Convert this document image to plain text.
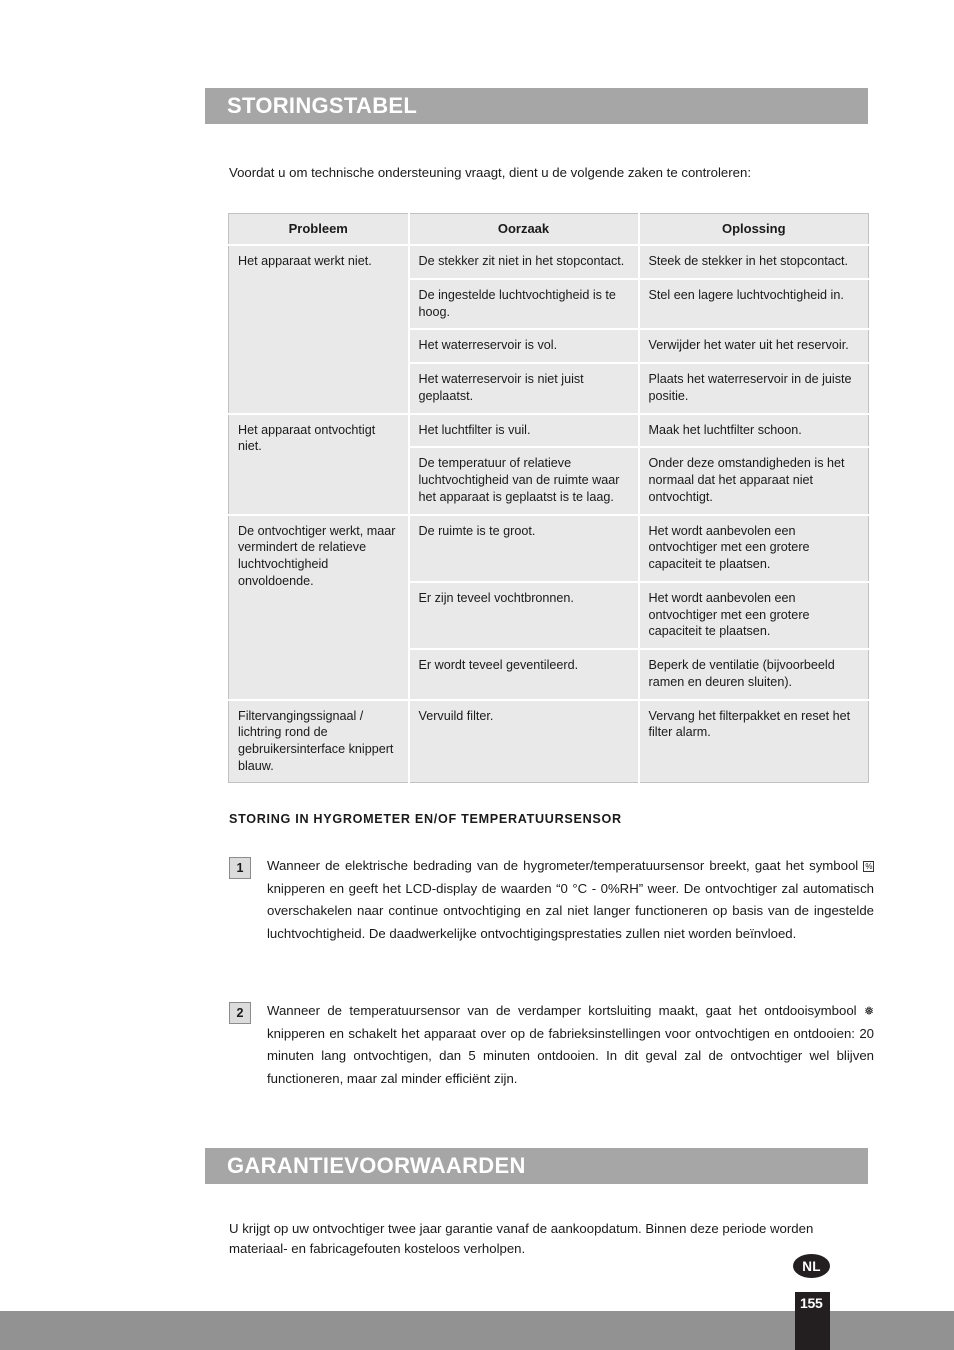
STORINGSTABEL
Voordat u om technische ondersteuning vraagt, dient u de volgende zaken te controleren:
Probleem	Oorzaak	Oplossing
Het apparaat werkt niet.	De stekker zit niet in het stopcontact.	Steek de stekker in het stopcontact.
	De ingestelde luchtvochtigheid is te hoog.	Stel een lagere luchtvochtigheid in.
	Het waterreservoir is vol.	Verwijder het water uit het reservoir.
	Het waterreservoir is niet juist geplaatst.	Plaats het waterreservoir in de juiste positie.
Het apparaat ontvochtigt niet.	Het luchtfilter is vuil.	Maak het luchtfilter schoon.
	De temperatuur of relatieve luchtvochtigheid van de ruimte waar het apparaat is geplaatst is te laag.	Onder deze omstandigheden is het normaal dat het apparaat niet ontvochtigt.
De ontvochtiger werkt, maar vermindert de relatieve luchtvochtigheid onvoldoende.	De ruimte is te groot.	Het wordt aanbevolen een ontvochtiger met een grotere capaciteit te plaatsen.
	Er zijn teveel vochtbronnen.	Het wordt aanbevolen een ontvochtiger met een grotere capaciteit te plaatsen.
	Er wordt teveel geventileerd.	Beperk de ventilatie (bijvoorbeeld ramen en deuren sluiten).
Filtervangingssignaal / lichtring rond de gebruikersinterface knippert blauw.	Vervuild filter.	Vervang het filterpakket en reset het filter alarm.
STORING IN HYGROMETER EN/OF TEMPERATUURSENSOR
1	Wanneer de elektrische bedrading van de hygrometer/temperatuursensor breekt, gaat het symbool % knipperen en geeft het LCD-display de waarden “0 °C - 0%RH” weer. De ontvochtiger zal automatisch overschakelen naar continue ontvochtiging en zal niet langer functioneren op basis van de ingestelde luchtvochtigheid. De daadwerkelijke ontvochtigingsprestaties zullen niet worden beïnvloed.
2	Wanneer de temperatuursensor van de verdamper kortsluiting maakt, gaat het ontdooisymbool ❅ knipperen en schakelt het apparaat over op de fabrieksinstellingen voor ontvochtigen en ontdooien: 20 minuten lang ontvochtigen, dan 5 minuten ontdooien. In dit geval zal de ontvochtiger wel blijven functioneren, maar zal minder efficiënt zijn.
GARANTIEVOORWAARDEN
U krijgt op uw ontvochtiger twee jaar garantie vanaf de aankoopdatum. Binnen deze periode worden materiaal- en fabricagefouten kosteloos verholpen.
NL
155
